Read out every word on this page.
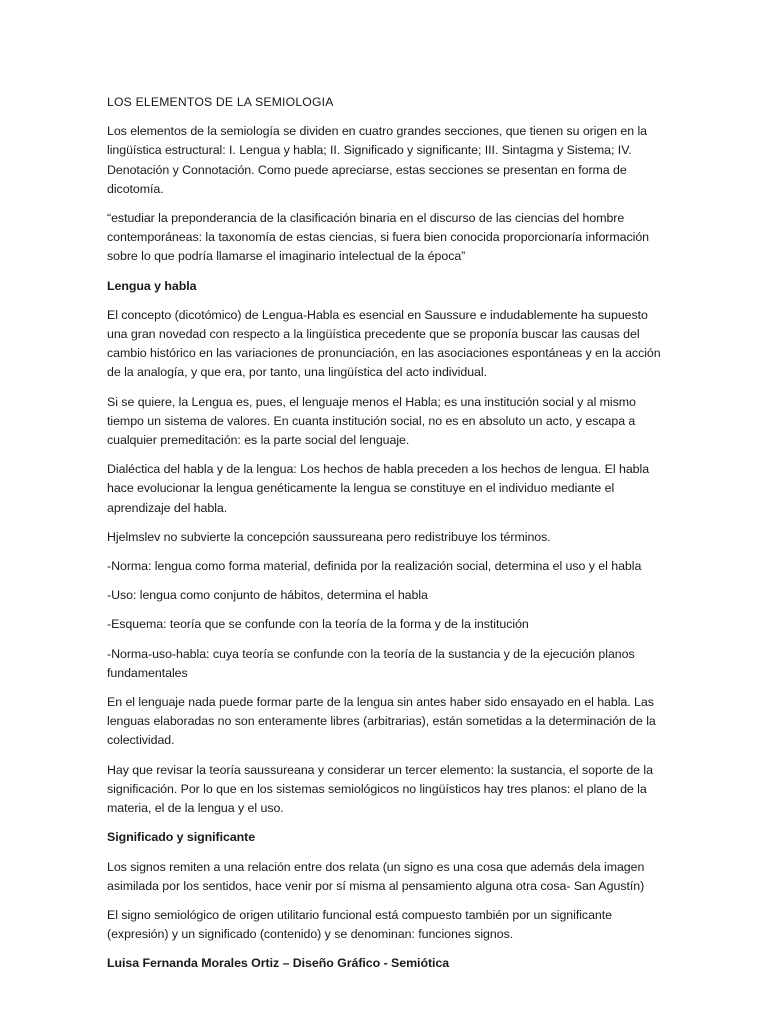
LOS ELEMENTOS DE LA SEMIOLOGIA

Los elementos de la semiología se dividen en cuatro grandes secciones, que tienen su origen en la lingüística estructural: I. Lengua y habla; II. Significado y significante; III. Sintagma y Sistema; IV. Denotación y Connotación. Como puede apreciarse, estas secciones se presentan en forma de dicotomía.

“estudiar la preponderancia de la clasificación binaria en el discurso de las ciencias del hombre contemporáneas: la taxonomía de estas ciencias, si fuera bien conocida proporcionaría información sobre lo que podría llamarse el imaginario intelectual de la época”

Lengua y habla

El concepto (dicotómico) de Lengua-Habla es esencial en Saussure e indudablemente ha supuesto una gran novedad con respecto a la lingüística precedente que se proponía buscar las causas del cambio histórico en las variaciones de pronunciación, en las asociaciones espontáneas y en la acción de la analogía, y que era, por tanto, una lingüística del acto individual.

Si se quiere, la Lengua es, pues, el lenguaje menos el Habla; es una institución social y al mismo tiempo un sistema de valores. En cuanta institución social, no es en absoluto un acto, y escapa a cualquier premeditación: es la parte social del lenguaje.

Dialéctica del habla y de la lengua: Los hechos de habla preceden a los hechos de lengua. El habla hace evolucionar la lengua genéticamente la lengua se constituye en el individuo mediante el aprendizaje del habla.

Hjelmslev no subvierte la concepción saussureana pero redistribuye los términos.

-Norma: lengua como forma material, definida por la realización social, determina el uso y el habla

-Uso: lengua como conjunto de hábitos, determina el habla

-Esquema: teoría que se confunde con la teoría de la forma y de la institución

-Norma-uso-habla: cuya teoría se confunde con la teoría de la sustancia y de la ejecución planos fundamentales

En el lenguaje nada puede formar parte de la lengua sin antes haber sido ensayado en el habla. Las lenguas elaboradas no son enteramente libres (arbitrarias), están sometidas a la determinación de la colectividad.

Hay que revisar la teoría saussureana y considerar un tercer elemento: la sustancia, el soporte de la significación. Por lo que en los sistemas semiológicos no lingüísticos hay tres planos: el plano de la materia, el de la lengua y el uso.

Significado y significante

Los signos remiten a una relación entre dos relata (un signo es una cosa que además dela imagen asimilada por los sentidos, hace venir por sí misma al pensamiento alguna otra cosa- San Agustín)

El signo semiológico de origen utilitario funcional está compuesto también por un significante (expresión) y un significado (contenido) y se denominan: funciones signos.

Luisa Fernanda Morales Ortiz – Diseño Gráfico - Semiótica
